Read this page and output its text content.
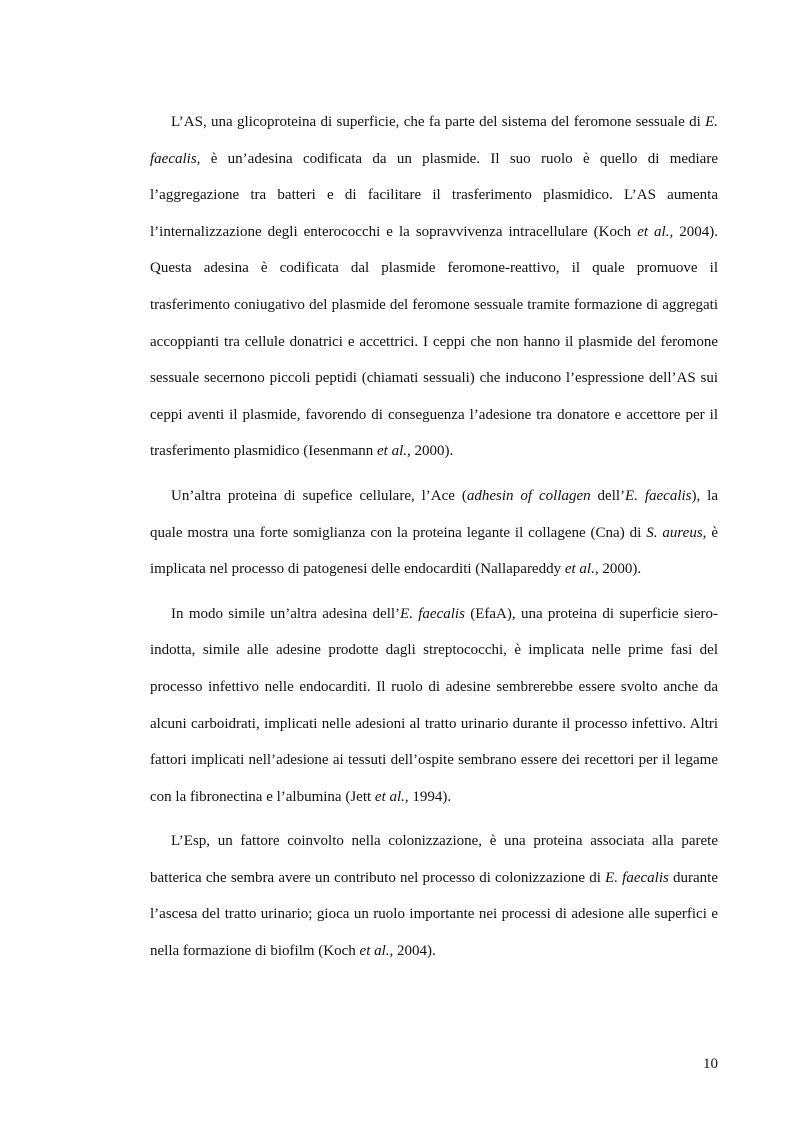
L’AS, una glicoproteina di superficie, che fa parte del sistema del feromone sessuale di E. faecalis, è un’adesina codificata da un plasmide. Il suo ruolo è quello di mediare l’aggregazione tra batteri e di facilitare il trasferimento plasmidico. L’AS aumenta l’internalizzazione degli enterococchi e la sopravvivenza intracellulare (Koch et al., 2004). Questa adesina è codificata dal plasmide feromone-reattivo, il quale promuove il trasferimento coniugativo del plasmide del feromone sessuale tramite formazione di aggregati accoppianti tra cellule donatrici e accettrici. I ceppi che non hanno il plasmide del feromone sessuale secernono piccoli peptidi (chiamati sessuali) che inducono l’espressione dell’AS sui ceppi aventi il plasmide, favorendo di conseguenza l’adesione tra donatore e accettore per il trasferimento plasmidico (Iesenmann et al., 2000).

Un’altra proteina di supefice cellulare, l’Ace (adhesin of collagen dell’E. faecalis), la quale mostra una forte somiglianza con la proteina legante il collagene (Cna) di S. aureus, è implicata nel processo di patogenesi delle endocarditi (Nallapareddy et al., 2000).

In modo simile un’altra adesina dell’E. faecalis (EfaA), una proteina di superficie siero-indotta, simile alle adesine prodotte dagli streptococchi, è implicata nelle prime fasi del processo infettivo nelle endocarditi. Il ruolo di adesine sembrerebbe essere svolto anche da alcuni carboidrati, implicati nelle adesioni al tratto urinario durante il processo infettivo. Altri fattori implicati nell’adesione ai tessuti dell’ospite sembrano essere dei recettori per il legame con la fibronectina e l’albumina (Jett et al., 1994).

L’Esp, un fattore coinvolto nella colonizzazione, è una proteina associata alla parete batterica che sembra avere un contributo nel processo di colonizzazione di E. faecalis durante l’ascesa del tratto urinario; gioca un ruolo importante nei processi di adesione alle superfici e nella formazione di biofilm (Koch et al., 2004).

10
